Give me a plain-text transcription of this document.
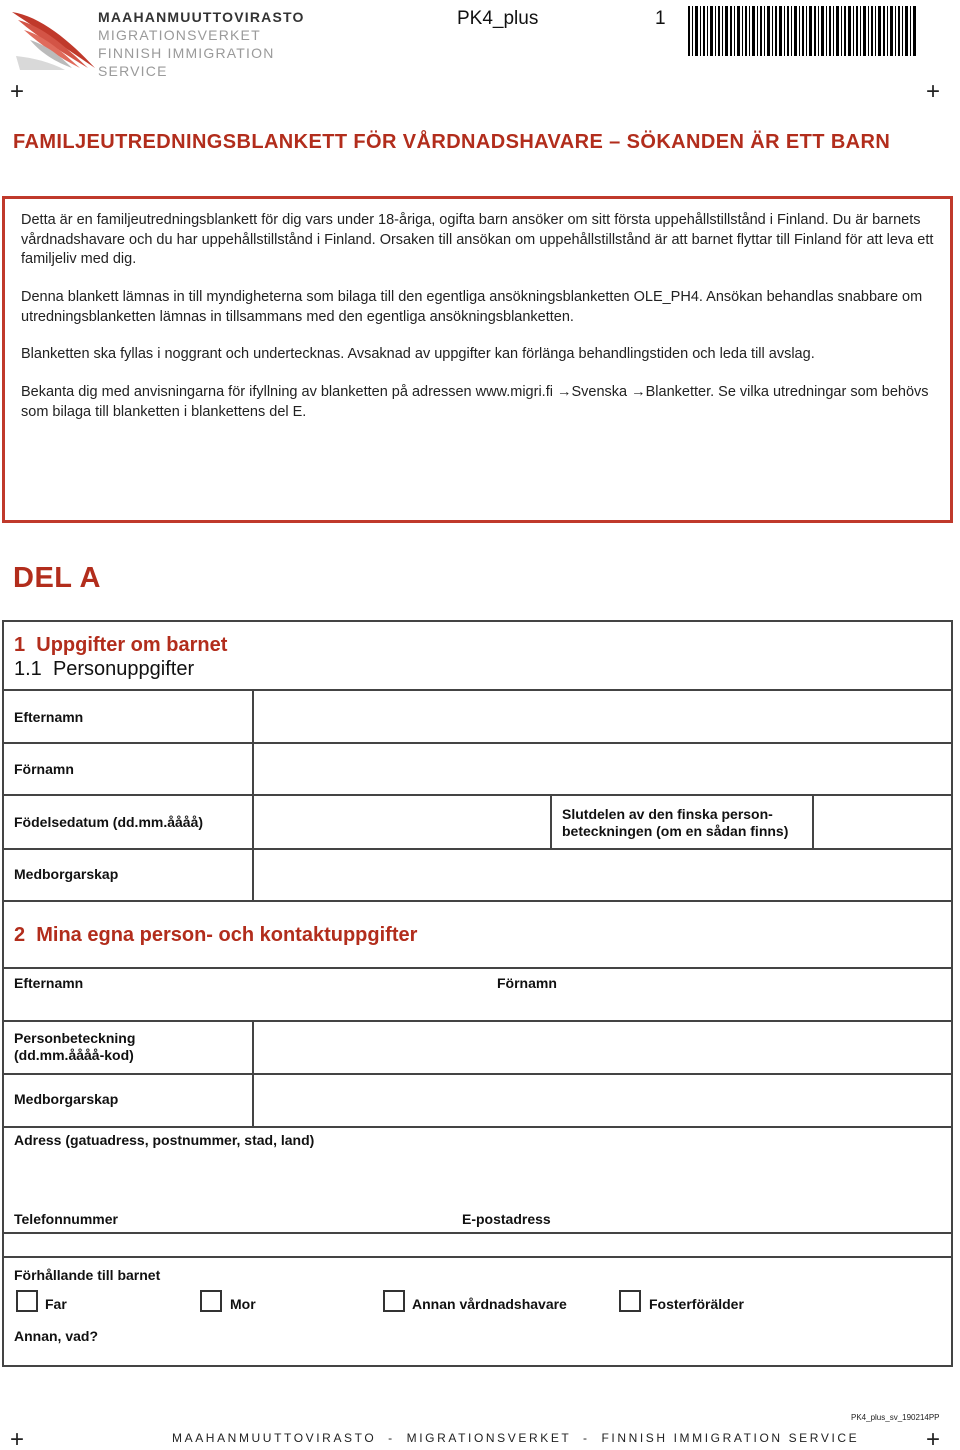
MAAHANMUUTTOVIRASTO
MIGRATIONSVERKET
FINNISH IMMIGRATION SERVICE
PK4_plus	1
+	+
FAMILJEUTREDNINGSBLANKETT FÖR VÅRDNADSHAVARE – SÖKANDEN ÄR ETT BARN

Detta är en familjeutredningsblankett för dig vars under 18-åriga, ogifta barn ansöker om sitt första uppehållstillstånd i Finland. Du är barnets vårdnadshavare och du har uppehållstillstånd i Finland. Orsaken till ansökan om uppehållstillstånd är att barnet flyttar till Finland för att leva ett familjeliv med dig.

Denna blankett lämnas in till myndigheterna som bilaga till den egentliga ansökningsblanketten OLE_PH4. Ansökan behandlas snabbare om utredningsblanketten lämnas in tillsammans med den egentliga ansökningsblanketten.

Blanketten ska fyllas i noggrant och undertecknas. Avsaknad av uppgifter kan förlänga behandlingstiden och leda till avslag.

Bekanta dig med anvisningarna för ifyllning av blanketten på adressen www.migri.fi →Svenska →Blanketter. Se vilka utredningar som behövs som bilaga till blanketten i blankettens del E.

DEL A
1 Uppgifter om barnet
1.1 Personuppgifter
Efternamn
Förnamn
Födelsedatum (dd.mm.åååå)	Slutdelen av den finska person-
beteckningen (om en sådan finns)
Medborgarskap
2 Mina egna person- och kontaktuppgifter
Efternamn	Förnamn
Personbeteckning
(dd.mm.åååå-kod)
Medborgarskap
Adress (gatuadress, postnummer, stad, land)
Telefonnummer	E-postadress
Förhållande till barnet
Far	Mor	Annan vårdnadshavare	Fosterförälder
Annan, vad?
PK4_plus_sv_190214PP
+	MAAHANMUUTTOVIRASTO  -  MIGRATIONSVERKET  -  FINNISH IMMIGRATION SERVICE	+
